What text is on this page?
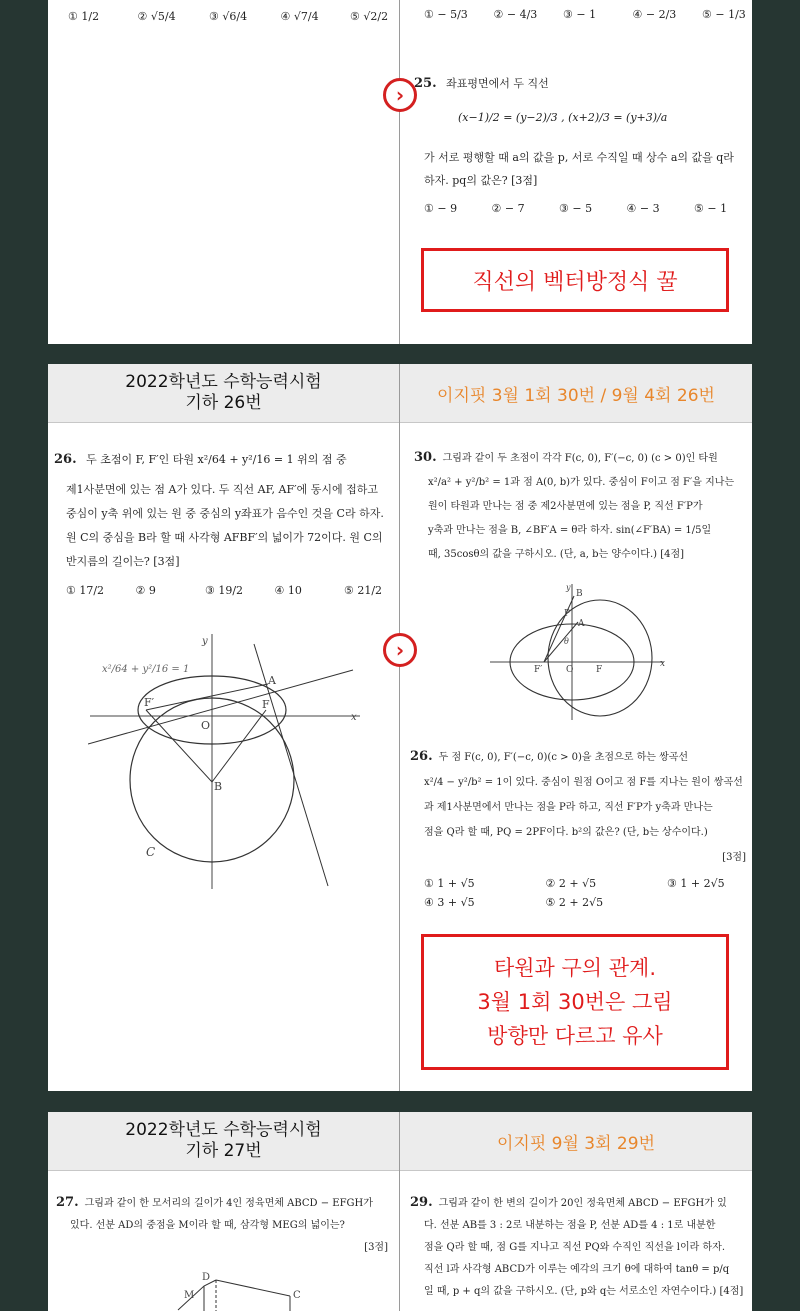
① 1/2	② √5/4	③ √6/4	④ √7/4	⑤ √2/2	① − 5/3 ② − 4/3 ③ − 1	④ − 2/3 ⑤ − 1/3
› 25. 좌표평면에서 두 직선
(x−1)/2 = (y−2)/3 , (x+2)/3 = (y+3)/a
가 서로 평행할 때 a의 값을 p, 서로 수직일 때 상수 a의 값을 q라 하자. pq의 값은? [3점]
① − 9	② − 7	③ − 5	④ − 3	⑤ − 1
직선의 벡터방정식 꿀
2022학년도 수학능력시험
기하 26번	이지핏 3월 1회 30번 / 9월 4회 26번
26. 두 초점이 F, F′인 타원 x²/64 + y²/16 = 1 위의 점 중
제1사분면에 있는 점 A가 있다. 두 직선 AF, AF′에 동시에 접하고 중심이 y축 위에 있는 원 중 중심의 y좌표가 음수인 것을 C라 하자. 원 C의 중심을 B라 할 때 사각형 AFBF′의 넓이가 72이다. 원 C의 반지름의 길이는? [3점]
① 17/2	② 9	③ 19/2	④ 10	⑤ 21/2
y
x
O
A
F
F′
B
C
x²/64 + y²/16 = 1
›
30. 그림과 같이 두 초점이 각각 F(c, 0), F′(−c, 0) (c > 0)인 타원
x²/a² + y²/b² = 1과 점 A(0, b)가 있다. 중심이 F이고 점 F′을 지나는
원이 타원과 만나는 점 중 제2사분면에 있는 점을 P, 직선 F′P가
y축과 만나는 점을 B, ∠BF′A = θ라 하자. sin(∠F′BA) = 1/5일
때, 35cosθ의 값을 구하시오. (단, a, b는 양수이다.) [4점]
B
P
A
θ
F′	O	F
x
y
26. 두 점 F(c, 0), F′(−c, 0)(c > 0)을 초점으로 하는 쌍곡선
x²/4 − y²/b² = 1이 있다. 중심이 원점 O이고 점 F를 지나는 원이 쌍곡선
과 제1사분면에서 만나는 점을 P라 하고, 직선 F′P가 y축과 만나는
점을 Q라 할 때, PQ = 2PF이다. b²의 값은? (단, b는 상수이다.)
[3점]
① 1 + √5	② 2 + √5	③ 1 + 2√5
④ 3 + √5	⑤ 2 + 2√5
타원과 구의 관계.
3월 1회 30번은 그림
방향만 다르고 유사
2022학년도 수학능력시험
기하 27번	이지핏 9월 3회 29번
27. 그림과 같이 한 모서리의 길이가 4인 정육면체 ABCD − EFGH가
있다. 선분 AD의 중점을 M이라 할 때, 삼각형 MEG의 넓이는?
[3점]
D
M	C
29. 그림과 같이 한 변의 길이가 20인 정육면체 ABCD − EFGH가 있
다. 선분 AB를 3 : 2로 내분하는 점을 P, 선분 AD를 4 : 1로 내분한
점을 Q라 할 때, 점 G를 지나고 직선 PQ와 수직인 직선을 l이라 하자.
직선 l과 사각형 ABCD가 이루는 예각의 크기 θ에 대하여 tanθ = p/q
일 때, p + q의 값을 구하시오. (단, p와 q는 서로소인 자연수이다.) [4점]
